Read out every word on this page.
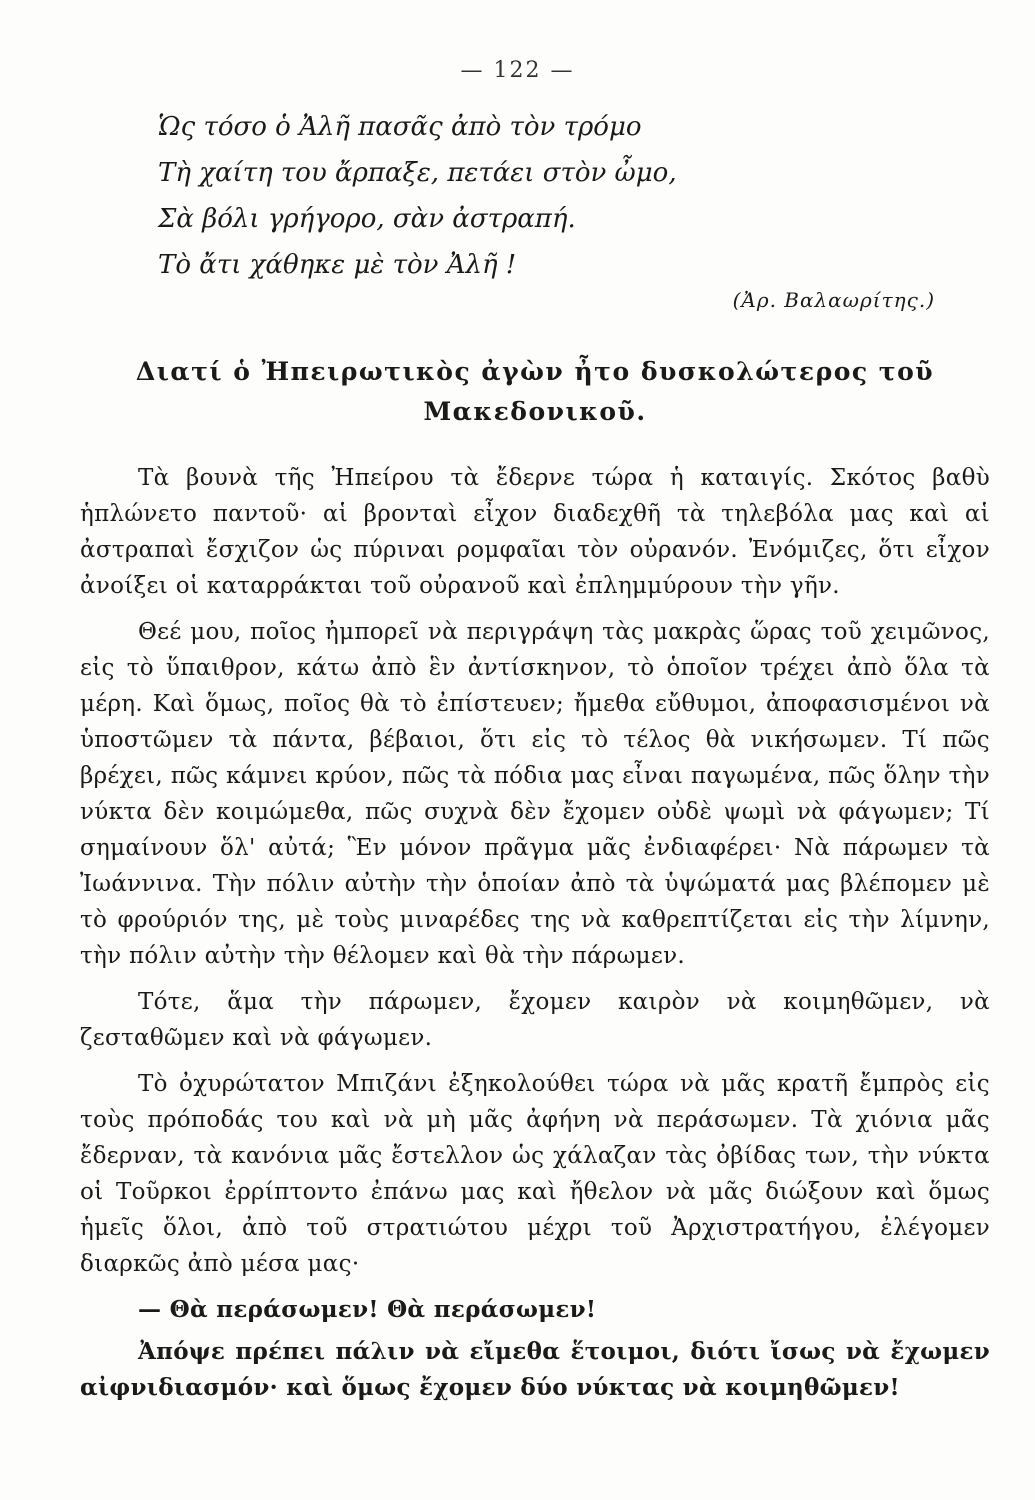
— 122 —
Ὡς τόσο ὁ Ἀλῆ πασᾶς ἀπὸ τὸν τρόμο
Τὴ χαίτη του ἄρπαξε, πετάει στὸν ὦμο,
Σὰ βόλι γρήγορο, σὰν ἀστραπή.
Τὸ ἄτι χάθηκε μὲ τὸν Ἀλῆ !
(Ἀρ. Βαλαωρίτης.)
Διατί ὁ Ἠπειρωτικὸς ἀγὼν ἦτο δυσκολώτερος τοῦ Μακεδονικοῦ.

Τὰ βουνὰ τῆς Ἠπείρου τὰ ἔδερνε τώρα ἡ καταιγίς. Σκότος βαθὺ ἡπλώνετο παντοῦ· αἱ βρονταὶ εἶχον διαδεχθῆ τὰ τηλεβόλα μας καὶ αἱ ἀστραπαὶ ἔσχιζον ὡς πύριναι ρομφαῖαι τὸν οὐρανόν. Ἐνόμιζες, ὅτι εἶχον ἀνοίξει οἱ καταρράκται τοῦ οὐρανοῦ καὶ ἐπλημμύρουν τὴν γῆν.

Θεέ μου, ποῖος ἠμπορεῖ νὰ περιγράψη τὰς μακρὰς ὥρας τοῦ χειμῶνος, εἰς τὸ ὕπαιθρον, κάτω ἀπὸ ἓν ἀντίσκηνον, τὸ ὁποῖον τρέχει ἀπὸ ὅλα τὰ μέρη. Καὶ ὅμως, ποῖος θὰ τὸ ἐπίστευεν; ἤμεθα εὔθυμοι, ἀποφασισμένοι νὰ ὑποστῶμεν τὰ πάντα, βέβαιοι, ὅτι εἰς τὸ τέλος θὰ νικήσωμεν. Τί πῶς βρέχει, πῶς κάμνει κρύον, πῶς τὰ πόδια μας εἶναι παγωμένα, πῶς ὅλην τὴν νύκτα δὲν κοιμώμεθα, πῶς συχνὰ δὲν ἔχομεν οὐδὲ ψωμὶ νὰ φάγωμεν; Τί σημαίνουν ὅλ' αὐτά; Ἓν μόνον πρᾶγμα μᾶς ἐνδιαφέρει· Νὰ πάρωμεν τὰ Ἰωάννινα. Τὴν πόλιν αὐτὴν τὴν ὁποίαν ἀπὸ τὰ ὑψώματά μας βλέπομεν μὲ τὸ φρούριόν της, μὲ τοὺς μιναρέδες της νὰ καθρεπτίζεται εἰς τὴν λίμνην, τὴν πόλιν αὐτὴν τὴν θέλομεν καὶ θὰ τὴν πάρωμεν.

Τότε, ἅμα τὴν πάρωμεν, ἔχομεν καιρὸν νὰ κοιμηθῶμεν, νὰ ζεσταθῶμεν καὶ νὰ φάγωμεν.

Τὸ ὀχυρώτατον Μπιζάνι ἐξηκολούθει τώρα νὰ μᾶς κρατῆ ἔμπρὸς εἰς τοὺς πρόποδάς του καὶ νὰ μὴ μᾶς ἀφήνη νὰ περάσωμεν. Τὰ χιόνια μᾶς ἔδερναν, τὰ κανόνια μᾶς ἔστελλον ὡς χάλαζαν τὰς ὀβίδας των, τὴν νύκτα οἱ Τοῦρκοι ἐρρίπτοντο ἐπάνω μας καὶ ἤθελον νὰ μᾶς διώξουν καὶ ὅμως ἡμεῖς ὅλοι, ἀπὸ τοῦ στρατιώτου μέχρι τοῦ Ἀρχιστρατήγου, ἐλέγομεν διαρκῶς ἀπὸ μέσα μας·

— Θὰ περάσωμεν! Θὰ περάσωμεν!

Ἀπόψε πρέπει πάλιν νὰ εἴμεθα ἕτοιμοι, διότι ἴσως νὰ ἔχωμεν αἰφνιδιασμόν· καὶ ὅμως ἔχομεν δύο νύκτας νὰ κοιμηθῶμεν!
